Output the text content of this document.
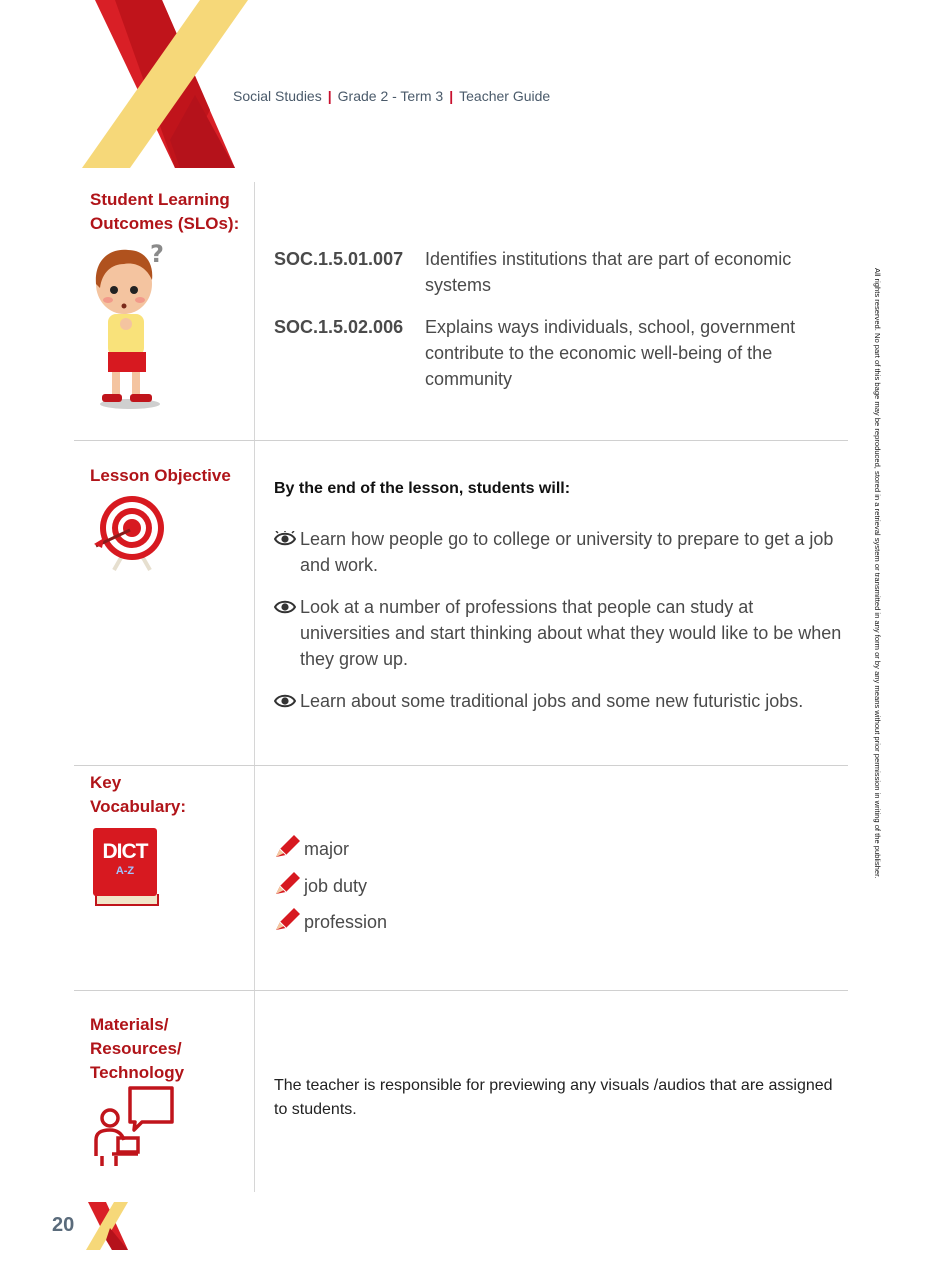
Social Studies | Grade 2 - Term 3 | Teacher Guide
Student Learning
Outcomes (SLOs):
?	SOC.1.5.01.007	Identifies institutions that are part of economic systems
SOC.1.5.02.006	Explains ways individuals, school, government contribute to the economic well-being of the community
Lesson Objective
By the end of the lesson, students will:
Learn how people go to college or university to prepare to get a job and work.
Look at a number of professions that people can study at universities and start thinking about what they would like to be when they grow up.
Learn about some traditional jobs and some new futuristic jobs.
Key
Vocabulary:
DICT
A-Z
major
job duty
profession
Materials/
Resources/
Technology
The teacher is responsible for previewing any visuals /audios that are assigned to students.
All rights reserved. No part of this bage may be reproduced, stored in a retrieval system or transmitted in any form or by any means without prior permission in writing of the publisher.
20
